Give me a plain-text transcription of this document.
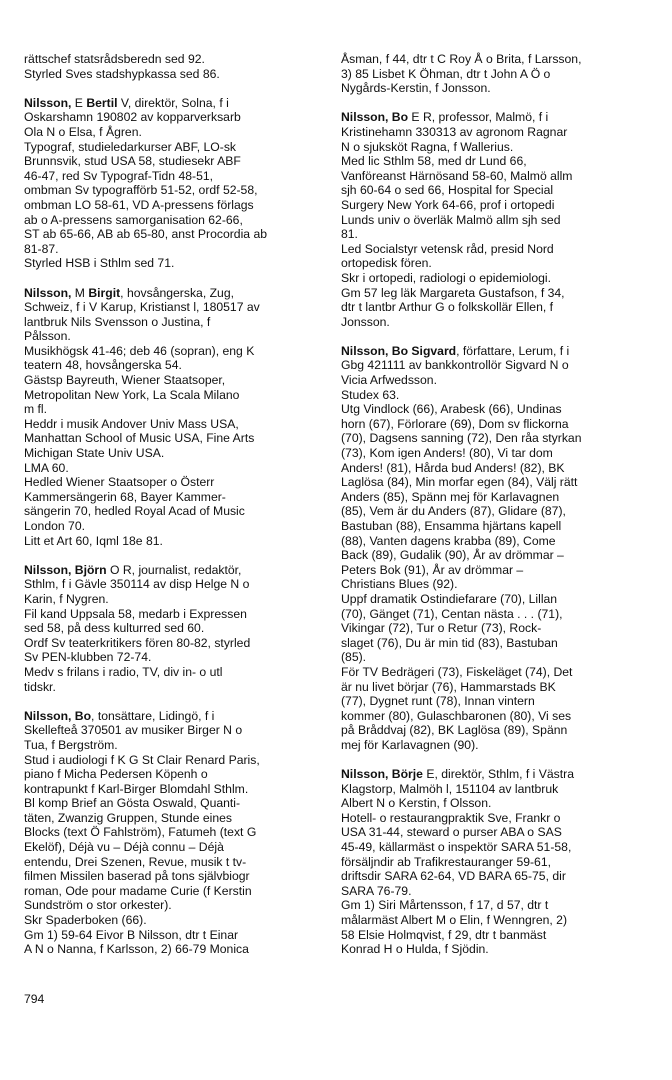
rättschef statsrådsberedn sed 92.
Styrled Sves stadshypkassa sed 86.
Nilsson, E Bertil V, direktör, Solna, f i
Oskarshamn 190802 av kopparverksarb
Ola N o Elsa, f Ågren.
Typograf, studieledarkurser ABF, LO-sk
Brunnsvik, stud USA 58, studiesekr ABF
46-47, red Sv Typograf-Tidn 48-51,
ombman Sv typografförb 51-52, ordf 52-58,
ombman LO 58-61, VD A-pressens förlags
ab o A-pressens samorganisation 62-66,
ST ab 65-66, AB ab 65-80, anst Procordia ab
81-87.
Styrled HSB i Sthlm sed 71.
Nilsson, M Birgit, hovsångerska, Zug,
Schweiz, f i V Karup, Kristianst l, 180517 av
lantbruk Nils Svensson o Justina, f
Pålsson.
Musikhögsk 41-46; deb 46 (sopran), eng K
teatern 48, hovsångerska 54.
Gästsp Bayreuth, Wiener Staatsoper,
Metropolitan New York, La Scala Milano
m fl.
Heddr i musik Andover Univ Mass USA,
Manhattan School of Music USA, Fine Arts
Michigan State Univ USA.
LMA 60.
Hedled Wiener Staatsoper o Österr
Kammersängerin 68, Bayer Kammer-
sängerin 70, hedled Royal Acad of Music
London 70.
Litt et Art 60, Iqml 18e 81.
Nilsson, Björn O R, journalist, redaktör,
Sthlm, f i Gävle 350114 av disp Helge N o
Karin, f Nygren.
Fil kand Uppsala 58, medarb i Expressen
sed 58, på dess kulturred sed 60.
Ordf Sv teaterkritikers fören 80-82, styrled
Sv PEN-klubben 72-74.
Medv s frilans i radio, TV, div in- o utl
tidskr.
Nilsson, Bo, tonsättare, Lidingö, f i
Skellefteå 370501 av musiker Birger N o
Tua, f Bergström.
Stud i audiologi f K G St Clair Renard Paris,
piano f Micha Pedersen Köpenh o
kontrapunkt f Karl-Birger Blomdahl Sthlm.
Bl komp Brief an Gösta Oswald, Quanti-
täten, Zwanzig Gruppen, Stunde eines
Blocks (text Ö Fahlström), Fatumeh (text G
Ekelöf), Déjà vu – Déjà connu – Déjà
entendu, Drei Szenen, Revue, musik t tv-
filmen Missilen baserad på tons självbiogr
roman, Ode pour madame Curie (f Kerstin
Sundström o stor orkester).
Skr Spaderboken (66).
Gm 1) 59-64 Eivor B Nilsson, dtr t Einar
A N o Nanna, f Karlsson, 2) 66-79 Monica
Åsman, f 44, dtr t C Roy Å o Brita, f Larsson,
3) 85 Lisbet K Öhman, dtr t John A Ö o
Nygårds-Kerstin, f Jonsson.
Nilsson, Bo E R, professor, Malmö, f i
Kristinehamn 330313 av agronom Ragnar
N o sjuksköt Ragna, f Wallerius.
Med lic Sthlm 58, med dr Lund 66,
Vanföreanst Härnösand 58-60, Malmö allm
sjh 60-64 o sed 66, Hospital for Special
Surgery New York 64-66, prof i ortopedi
Lunds univ o överläk Malmö allm sjh sed
81.
Led Socialstyr vetensk råd, presid Nord
ortopedisk fören.
Skr i ortopedi, radiologi o epidemiologi.
Gm 57 leg läk Margareta Gustafson, f 34,
dtr t lantbr Arthur G o folkskollär Ellen, f
Jonsson.
Nilsson, Bo Sigvard, författare, Lerum, f i
Gbg 421111 av bankkontrollör Sigvard N o
Vicia Arfwedsson.
Studex 63.
Utg Vindlock (66), Arabesk (66), Undinas
horn (67), Förlorare (69), Dom sv flickorna
(70), Dagsens sanning (72), Den råa styrkan
(73), Kom igen Anders! (80), Vi tar dom
Anders! (81), Hårda bud Anders! (82), BK
Laglösa (84), Min morfar egen (84), Välj rätt
Anders (85), Spänn mej för Karlavagnen
(85), Vem är du Anders (87), Glidare (87),
Bastuban (88), Ensamma hjärtans kapell
(88), Vanten dagens krabba (89), Come
Back (89), Gudalik (90), År av drömmar –
Peters Bok (91), År av drömmar –
Christians Blues (92).
Uppf dramatik Ostindiefarare (70), Lillan
(70), Gänget (71), Centan nästa . . . (71),
Vikingar (72), Tur o Retur (73), Rock-
slaget (76), Du är min tid (83), Bastuban
(85).
För TV Bedrägeri (73), Fiskeläget (74), Det
är nu livet börjar (76), Hammarstads BK
(77), Dygnet runt (78), Innan vintern
kommer (80), Gulaschbaronen (80), Vi ses
på Bråddvaj (82), BK Laglösa (89), Spänn
mej för Karlavagnen (90).
Nilsson, Börje E, direktör, Sthlm, f i Västra
Klagstorp, Malmöh l, 151104 av lantbruk
Albert N o Kerstin, f Olsson.
Hotell- o restaurangpraktik Sve, Frankr o
USA 31-44, steward o purser ABA o SAS
45-49, källarmäst o inspektör SARA 51-58,
försäljndir ab Trafikrestauranger 59-61,
driftsdir SARA 62-64, VD BARA 65-75, dir
SARA 76-79.
Gm 1) Siri Mårtensson, f 17, d 57, dtr t
målarmäst Albert M o Elin, f Wenngren, 2)
58 Elsie Holmqvist, f 29, dtr t banmäst
Konrad H o Hulda, f Sjödin.
794
